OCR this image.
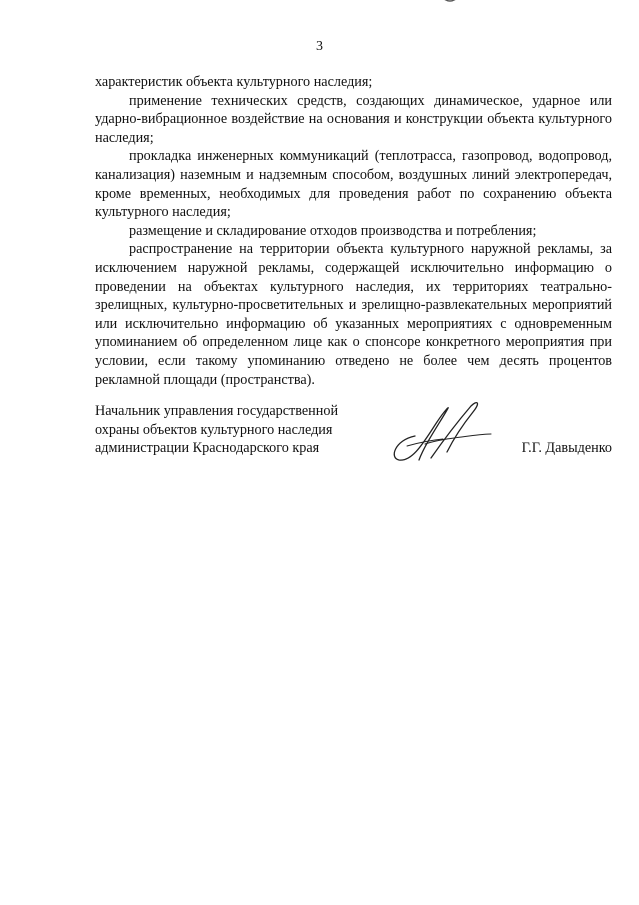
3

характеристик объекта культурного наследия;

применение технических средств, создающих динамическое, ударное или ударно-вибрационное воздействие на основания и конструкции объекта культурного наследия;

прокладка инженерных коммуникаций (теплотрасса, газопровод, водопровод, канализация) наземным и надземным способом, воздушных линий электропередач, кроме временных, необходимых для проведения работ по сохранению объекта культурного наследия;

размещение и складирование отходов производства и потребления;

распространение на территории объекта культурного наружной рекламы, за исключением наружной рекламы, содержащей исключительно информацию о проведении на объектах культурного наследия, их территориях театрально-зрелищных, культурно-просветительных и зрелищно-развлекательных мероприятий или исключительно информацию об указанных мероприятиях с одновременным упоминанием об определенном лице как о спонсоре конкретного мероприятия при условии, если такому упоминанию отведено не более чем десять процентов рекламной площади (пространства).

Начальник управления государственной
охраны объектов культурного наследия
администрации Краснодарского края	Г.Г. Давыденко
